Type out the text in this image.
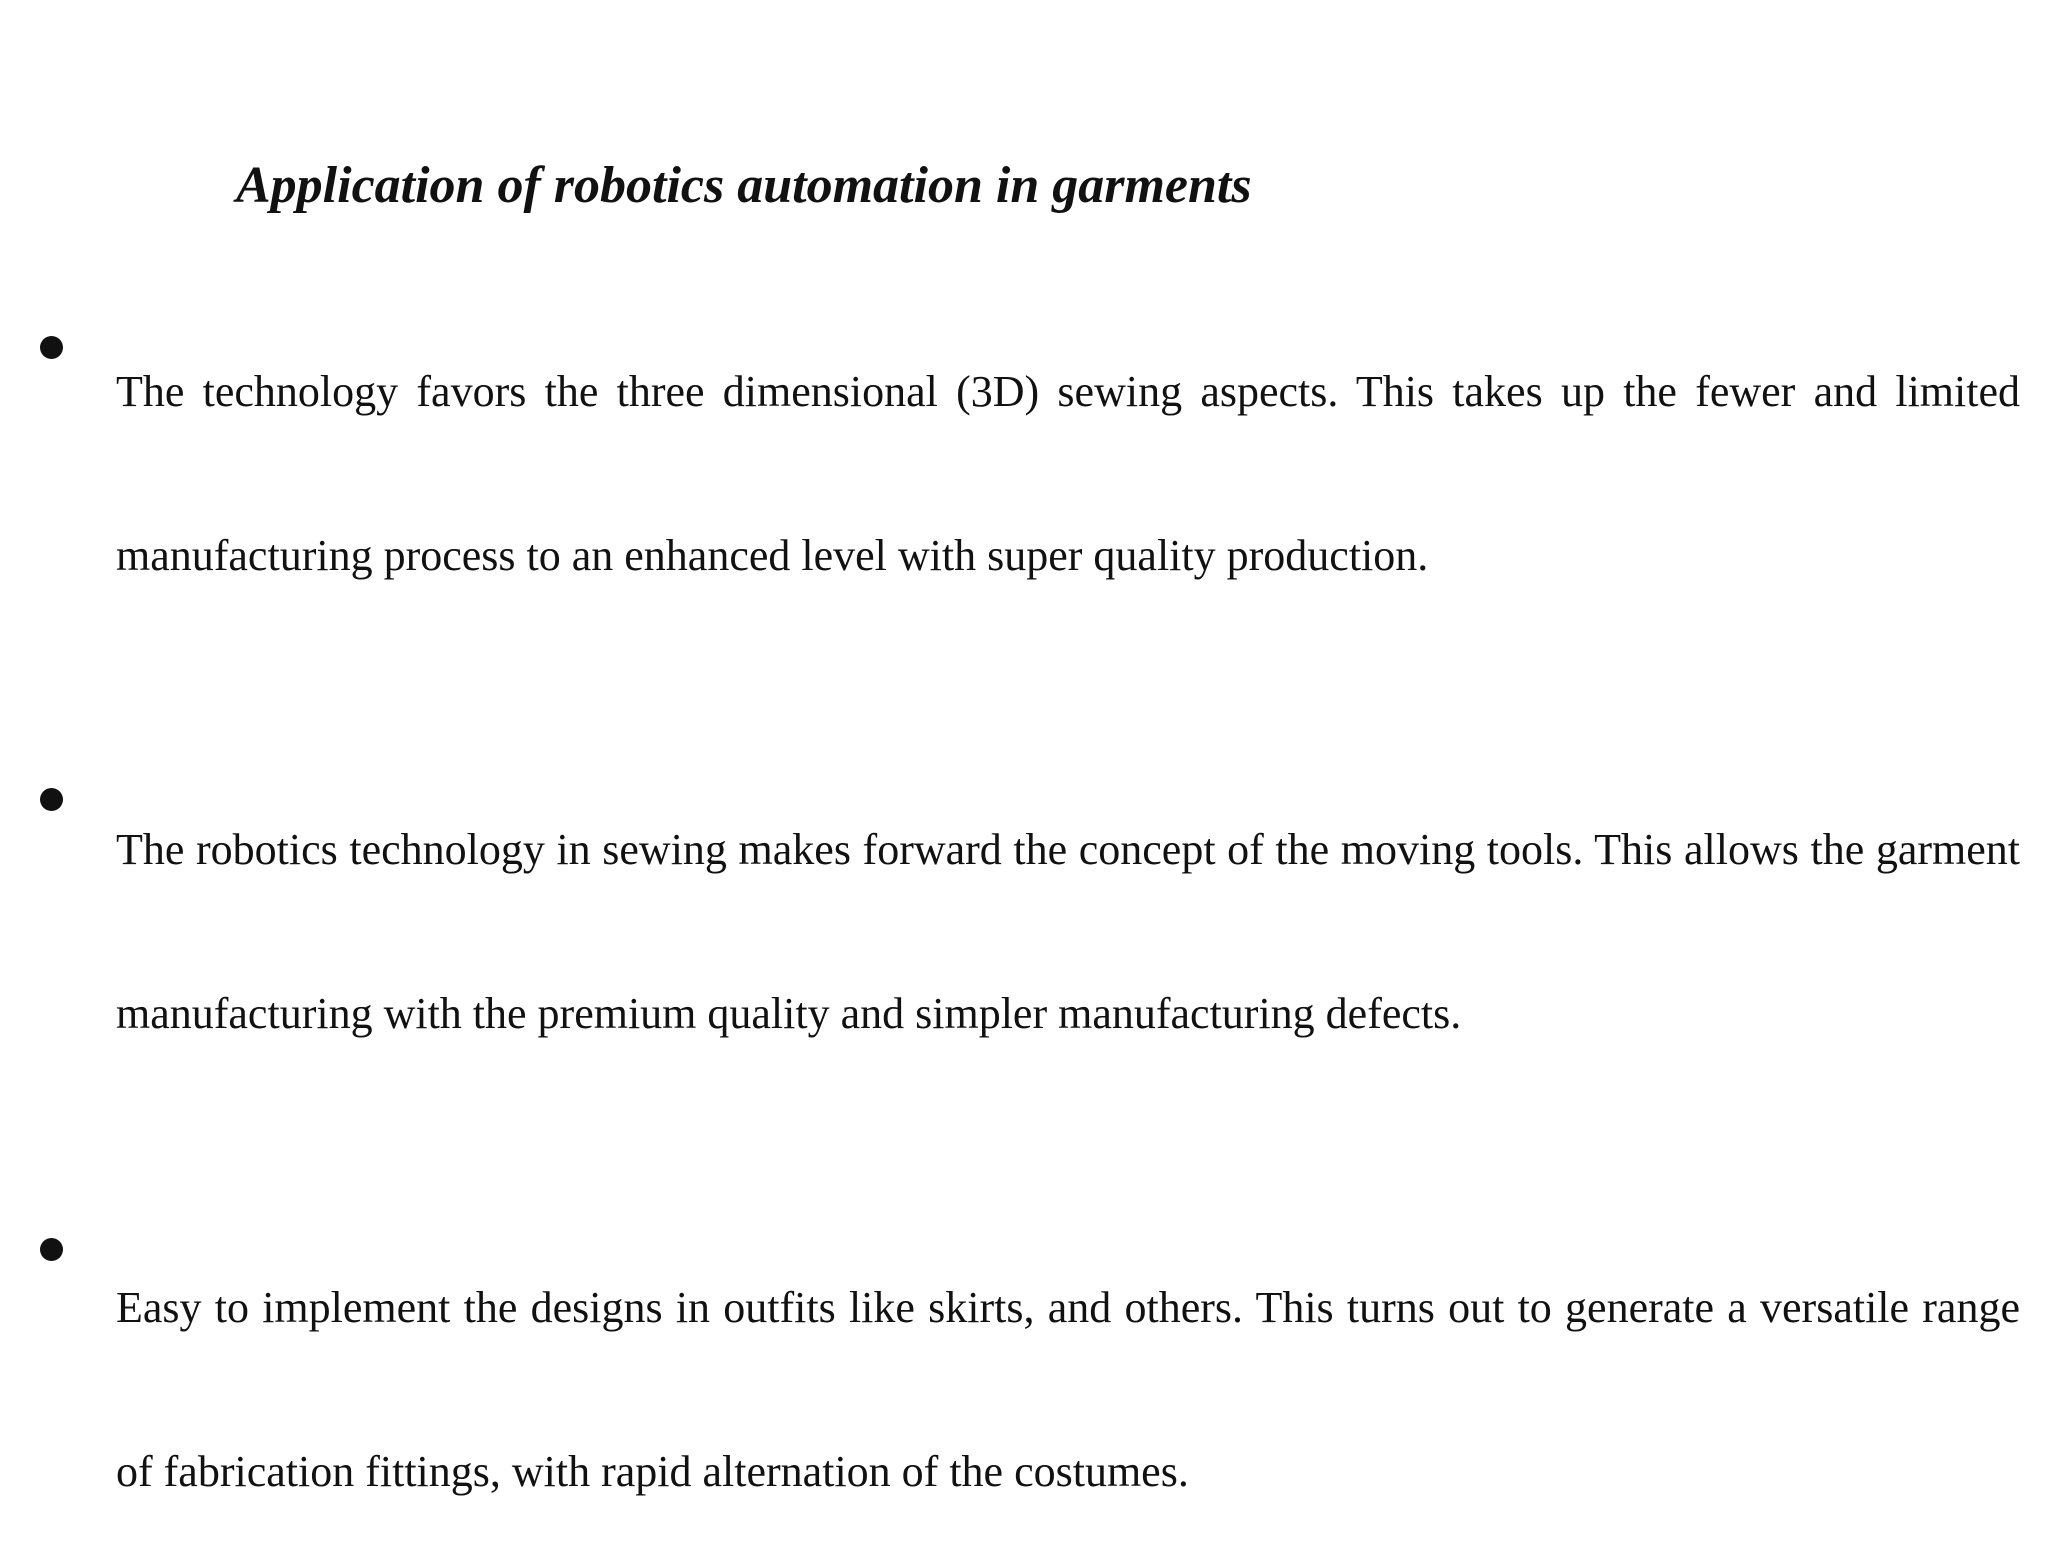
Application of robotics automation in garments

The technology favors the three dimensional (3D) sewing aspects. This takes up the fewer and limited manufacturing process to an enhanced level with super quality production.

The robotics technology in sewing makes forward the concept of the moving tools. This allows the garment manufacturing with the premium quality and simpler manufacturing defects.

Easy to implement the designs in outfits like skirts, and others. This turns out to generate a versatile range of fabrication fittings, with rapid alternation of the costumes.
